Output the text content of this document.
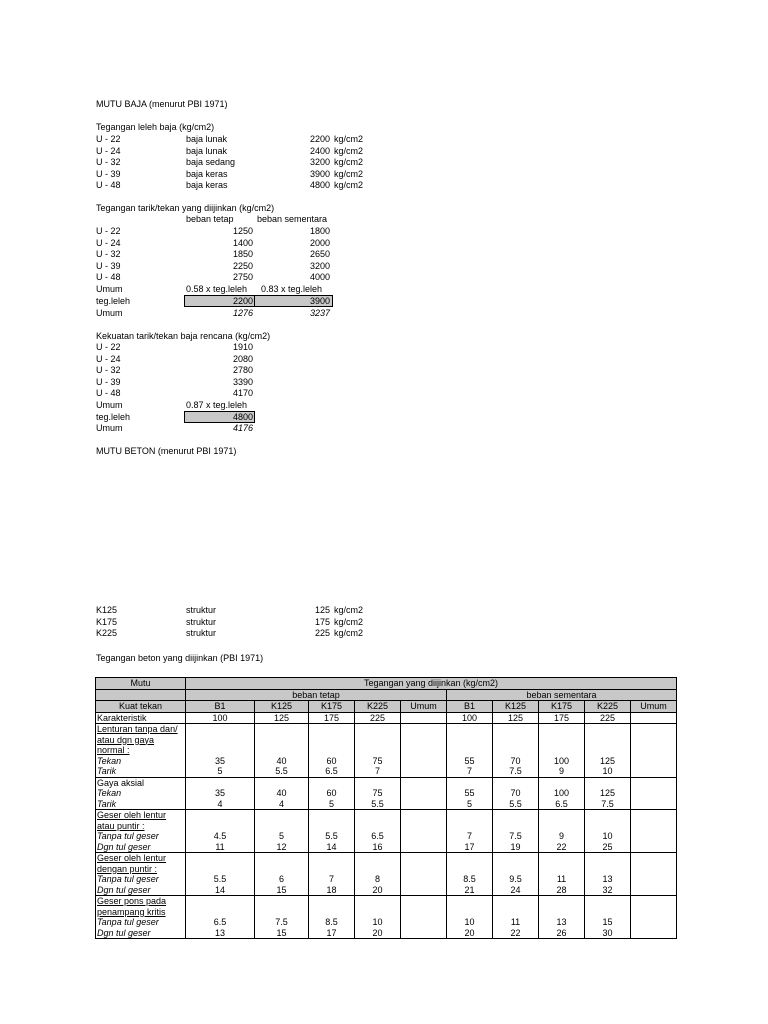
MUTU BAJA (menurut PBI 1971)
Tegangan leleh baja (kg/cm2)
U - 22	baja lunak	2200 kg/cm2
U - 24	baja lunak	2400 kg/cm2
U - 32	baja sedang	3200 kg/cm2
U - 39	baja keras	3900 kg/cm2
U - 48	baja keras	4800 kg/cm2
Tegangan tarik/tekan yang diijinkan (kg/cm2)
beban tetap	beban sementara
U - 22	1250	1800
U - 24	1400	2000
U - 32	1850	2650
U - 39	2250	3200
U - 48	2750	4000
Umum	0.58 x teg.leleh 0.83 x teg.leleh
teg.leleh	2200	3900
Umum	1276	3237
Kekuatan tarik/tekan baja rencana (kg/cm2)
U - 22	1910
U - 24	2080
U - 32	2780
U - 39	3390
U - 48	4170
Umum	0.87 x teg.leleh
teg.leleh	4800
Umum	4176
MUTU BETON (menurut PBI 1971)
K125	struktur	125 kg/cm2
K175	struktur	175 kg/cm2
K225	struktur	225 kg/cm2
Tegangan beton yang diijinkan (PBI 1971)
Mutu	Tegangan yang diijinkan (kg/cm2)									
	beban tetap					beban sementara				
Kuat tekan	B1	K125	K175	K225	Umum	B1	K125	K175	K225	Umum
Karakteristik	100	125	175	225		100	125	175	225	
Lenturan tanpa dan/										
atau dgn gaya										
normal :										
Tekan	35	40	60	75		55	70	100	125	
Tarik	5	5.5	6.5	7		7	7.5	9	10	
Gaya aksial										
Tekan	35	40	60	75		55	70	100	125	
Tarik	4	4	5	5.5		5	5.5	6.5	7.5	
Geser oleh lentur										
atau puntir :										
Tanpa tul geser	4.5	5	5.5	6.5		7	7.5	9	10	
Dgn tul geser	11	12	14	16		17	19	22	25	
Geser oleh lentur										
dengan puntir :										
Tanpa tul geser	5.5	6	7	8		8.5	9.5	11	13	
Dgn tul geser	14	15	18	20		21	24	28	32	
Geser pons pada										
penampang kritis										
Tanpa tul geser	6.5	7.5	8.5	10		10	11	13	15	
Dgn tul geser	13	15	17	20		20	22	26	30	
